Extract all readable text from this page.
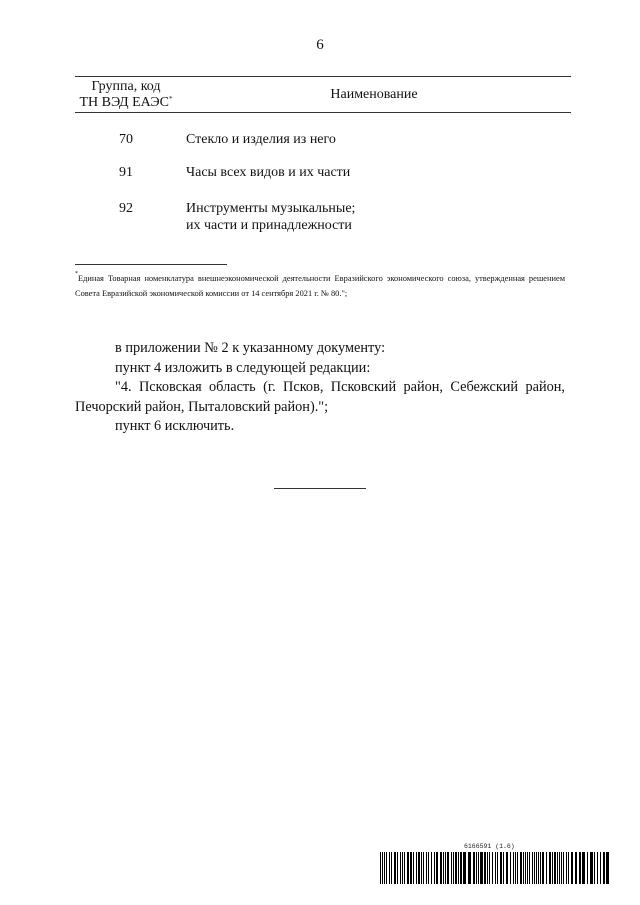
6
Группа, код
ТН ВЭД ЕАЭС*	Наименование
70	Стекло и изделия из него
91	Часы всех видов и их части
92	Инструменты музыкальные;
их части и принадлежности
*Единая Товарная номенклатура внешнеэкономической деятельности Евразийского экономического союза, утвержденная решением Совета Евразийской экономической комиссии от 14 сентября 2021 г. № 80.";

в приложении № 2 к указанному документу:

пункт 4 изложить в следующей редакции:

"4. Псковская область (г. Псков, Псковский район, Себежский район, Печорский район, Пыталовский район).";

пункт 6 исключить.

6166591 (1.6)
